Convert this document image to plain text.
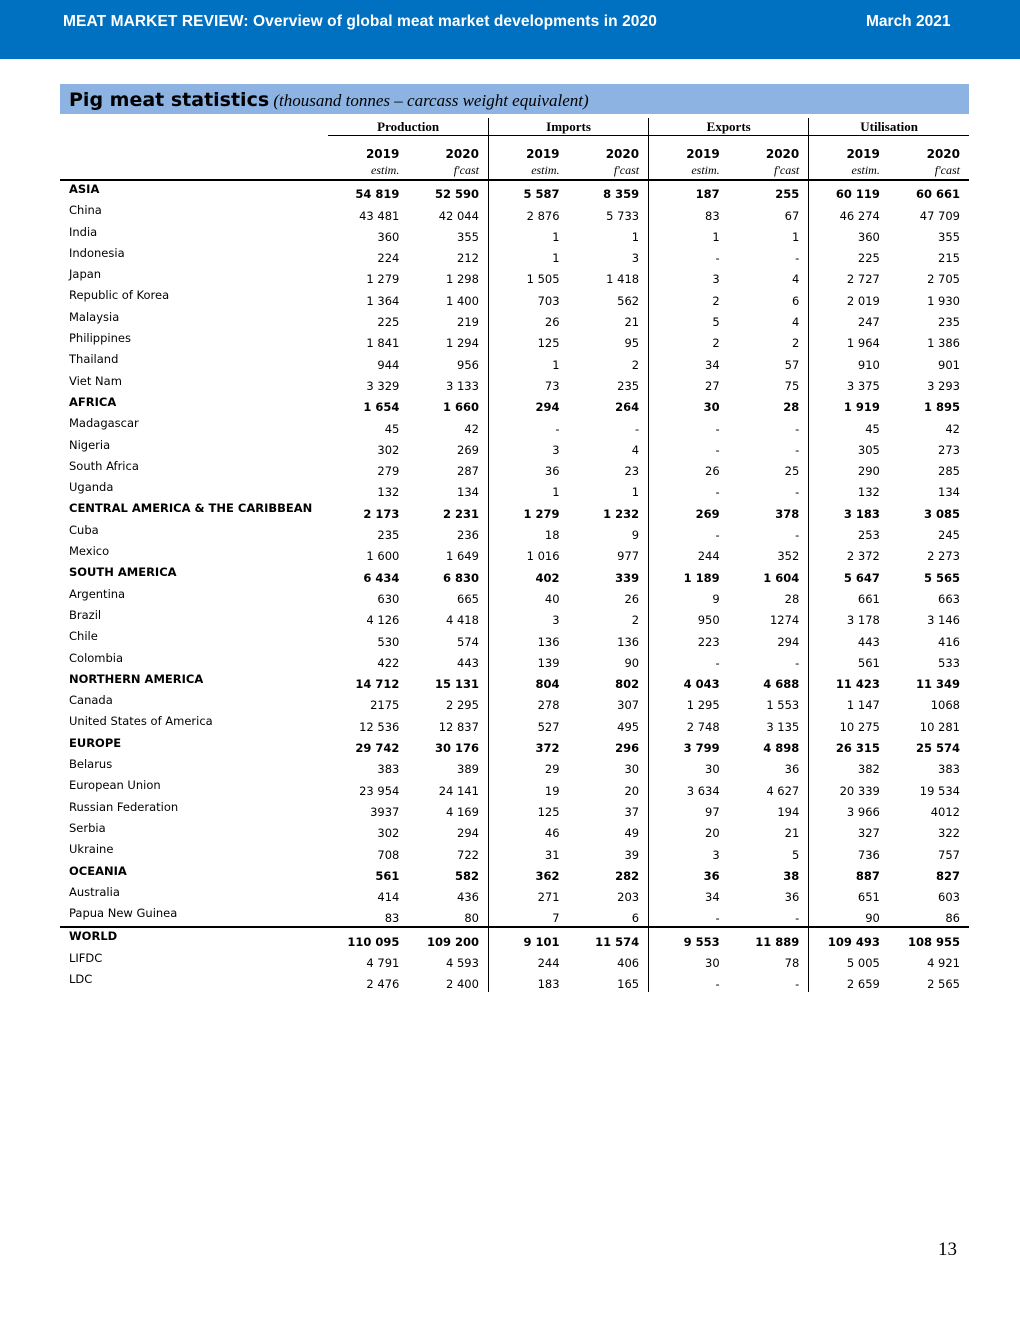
MEAT MARKET REVIEW: Overview of global meat market developments in 2020	March 2021
Pig meat statistics (thousand tonnes – carcass weight equivalent)
	Production		Imports		Exports		Utilisation	
	2019	2020	2019	2020	2019	2020	2019	2020
	estim.	f'cast	estim.	f'cast	estim.	f'cast	estim.	f'cast
ASIA	54 819	52 590	5 587	8 359	187	255	60 119	60 661
China	43 481	42 044	2 876	5 733	83	67	46 274	47 709
India	360	355	1	1	1	1	360	355
Indonesia	224	212	1	3	-	-	225	215
Japan	1 279	1 298	1 505	1 418	3	4	2 727	2 705
Republic of Korea	1 364	1 400	703	562	2	6	2 019	1 930
Malaysia	225	219	26	21	5	4	247	235
Philippines	1 841	1 294	125	95	2	2	1 964	1 386
Thailand	944	956	1	2	34	57	910	901
Viet Nam	3 329	3 133	73	235	27	75	3 375	3 293
AFRICA	1 654	1 660	294	264	30	28	1 919	1 895
Madagascar	45	42	-	-	-	-	45	42
Nigeria	302	269	3	4	-	-	305	273
South Africa	279	287	36	23	26	25	290	285
Uganda	132	134	1	1	-	-	132	134
CENTRAL AMERICA & THE CARIBBEAN	2 173	2 231	1 279	1 232	269	378	3 183	3 085
Cuba	235	236	18	9	-	-	253	245
Mexico	1 600	1 649	1 016	977	244	352	2 372	2 273
SOUTH AMERICA	6 434	6 830	402	339	1 189	1 604	5 647	5 565
Argentina	630	665	40	26	9	28	661	663
Brazil	4 126	4 418	3	2	950	1274	3 178	3 146
Chile	530	574	136	136	223	294	443	416
Colombia	422	443	139	90	-	-	561	533
NORTHERN AMERICA	14 712	15 131	804	802	4 043	4 688	11 423	11 349
Canada	2175	2 295	278	307	1 295	1 553	1 147	1068
United States of America	12 536	12 837	527	495	2 748	3 135	10 275	10 281
EUROPE	29 742	30 176	372	296	3 799	4 898	26 315	25 574
Belarus	383	389	29	30	30	36	382	383
European Union	23 954	24 141	19	20	3 634	4 627	20 339	19 534
Russian Federation	3937	4 169	125	37	97	194	3 966	4012
Serbia	302	294	46	49	20	21	327	322
Ukraine	708	722	31	39	3	5	736	757
OCEANIA	561	582	362	282	36	38	887	827
Australia	414	436	271	203	34	36	651	603
Papua New Guinea	83	80	7	6	-	-	90	86
WORLD	110 095	109 200	9 101	11 574	9 553	11 889	109 493	108 955
LIFDC	4 791	4 593	244	406	30	78	5 005	4 921
LDC	2 476	2 400	183	165	-	-	2 659	2 565
13
